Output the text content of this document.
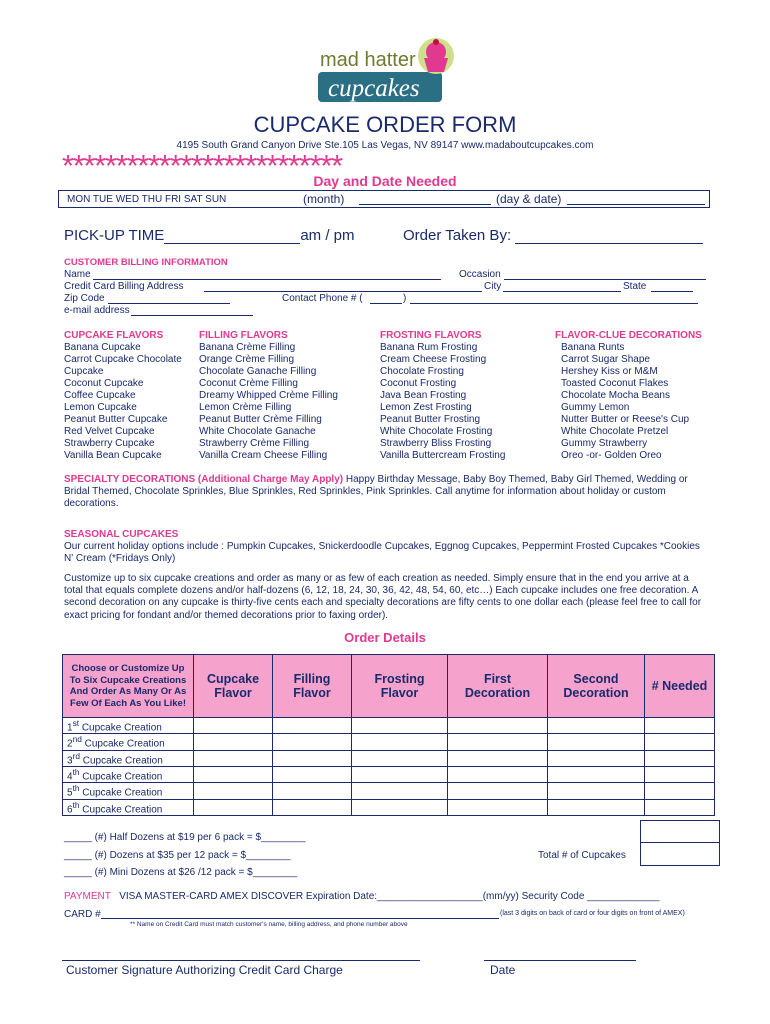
mad hatter
cupcakes
CUPCAKE ORDER FORM
4195 South Grand Canyon Drive Ste.105 Las Vegas, NV 89147 www.madaboutcupcakes.com
**************************
Day and Date Needed
MON TUE WED THU FRI SAT SUN	(month)	(day & date)
PICK-UP TIME	am / pm	Order Taken By:
CUSTOMER BILLING INFORMATION
Name	Occasion
Credit Card Billing Address	City	State
Zip Code	Contact Phone # (	)
e-mail address
CUPCAKE FLAVORS
Banana Cupcake
Carrot Cupcake Chocolate
Cupcake
Coconut Cupcake
Coffee Cupcake
Lemon Cupcake
Peanut Butter Cupcake
Red Velvet Cupcake
Strawberry Cupcake
Vanilla Bean Cupcake
FILLING FLAVORS
Banana Crème Filling
Orange Crème Filling
Chocolate Ganache Filling
Coconut Crème Filling
Dreamy Whipped Crème Filling
Lemon Crème Filling
Peanut Butter Crème Filling
White Chocolate Ganache
Strawberry Crème Filling
Vanilla Cream Cheese Filling
FROSTING FLAVORS
Banana Rum Frosting
Cream Cheese Frosting
Chocolate Frosting
Coconut Frosting
Java Bean Frosting
Lemon Zest Frosting
Peanut Butter Frosting
White Chocolate Frosting
Strawberry Bliss Frosting
Vanilla Buttercream Frosting
FLAVOR-CLUE DECORATIONS
Banana Runts
Carrot Sugar Shape
Hershey Kiss or M&M
Toasted Coconut Flakes
Chocolate Mocha Beans
Gummy Lemon
Nutter Butter or Reese's Cup
White Chocolate Pretzel
Gummy Strawberry
Oreo -or- Golden Oreo
SPECIALTY DECORATIONS (Additional Charge May Apply) Happy Birthday Message, Baby Boy Themed, Baby Girl Themed, Wedding or Bridal Themed, Chocolate Sprinkles, Blue Sprinkles, Red Sprinkles, Pink Sprinkles. Call anytime for information about holiday or custom decorations.
SEASONAL CUPCAKES
Our current holiday options include : Pumpkin Cupcakes, Snickerdoodle Cupcakes, Eggnog Cupcakes, Peppermint Frosted Cupcakes *Cookies N' Cream (*Fridays Only)
Customize up to six cupcake creations and order as many or as few of each creation as needed. Simply ensure that in the end you arrive at a total that equals complete dozens and/or half-dozens (6, 12, 18, 24, 30, 36, 42, 48, 54, 60, etc…) Each cupcake includes one free decoration. A second decoration on any cupcake is thirty-five cents each and specialty decorations are fifty cents to one dollar each (please feel free to call for exact pricing for fondant and/or themed decorations prior to faxing order).
Order Details
Choose or Customize Up To Six Cupcake Creations And Order As Many Or As Few Of Each As You Like!	Cupcake Flavor	Filling Flavor	Frosting Flavor	First Decoration	Second Decoration	# Needed
1st Cupcake Creation						
2nd Cupcake Creation						
3rd Cupcake Creation						
4th Cupcake Creation						
5th Cupcake Creation						
6th Cupcake Creation						
_____ (#) Half Dozens at $19 per 6 pack = $________
_____ (#) Dozens at $35 per 12 pack = $________
_____ (#) Mini Dozens at $26 /12 pack = $________
Total # of Cupcakes
PAYMENT VISA MASTER-CARD AMEX DISCOVER Expiration Date:___________________(mm/yy) Security Code _____________
CARD #	(last 3 digits on back of card or four digits on front of AMEX)
** Name on Credit Card must match customer's name, billing address, and phone number above
Customer Signature Authorizing Credit Card Charge	Date
